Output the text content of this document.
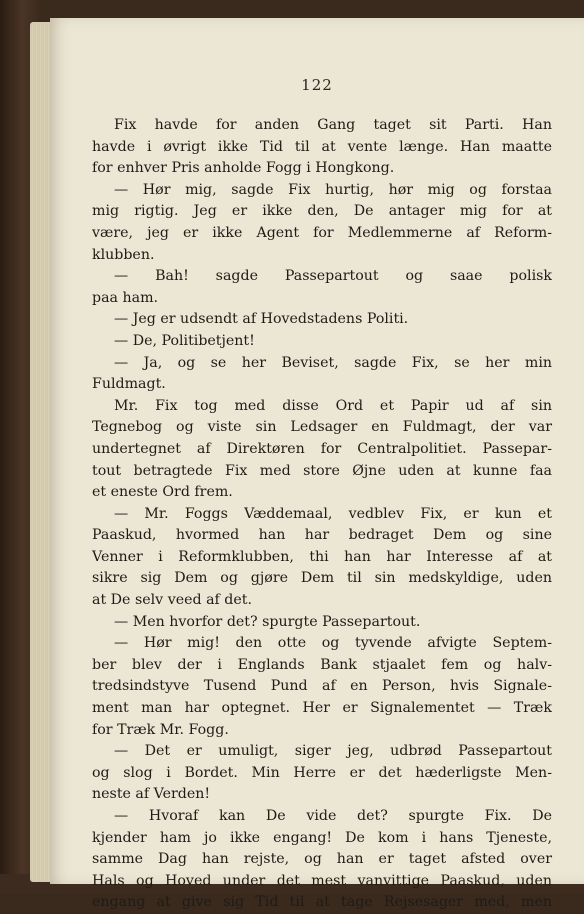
122
Fix havde for anden Gang taget sit Parti. Han
havde i øvrigt ikke Tid til at vente længe. Han maatte
for enhver Pris anholde Fogg i Hongkong.
— Hør mig, sagde Fix hurtig, hør mig og forstaa
mig rigtig. Jeg er ikke den, De antager mig for at
være, jeg er ikke Agent for Medlemmerne af Reform-
klubben.
— Bah! sagde Passepartout og saae polisk
paa ham.
— Jeg er udsendt af Hovedstadens Politi.
— De, Politibetjent!
— Ja, og se her Beviset, sagde Fix, se her min
Fuldmagt.
Mr. Fix tog med disse Ord et Papir ud af sin
Tegnebog og viste sin Ledsager en Fuldmagt, der var
undertegnet af Direktøren for Centralpolitiet. Passepar-
tout betragtede Fix med store Øjne uden at kunne faa
et eneste Ord frem.
— Mr. Foggs Væddemaal, vedblev Fix, er kun et
Paaskud, hvormed han har bedraget Dem og sine
Venner i Reformklubben, thi han har Interesse af at
sikre sig Dem og gjøre Dem til sin medskyldige, uden
at De selv veed af det.
— Men hvorfor det? spurgte Passepartout.
— Hør mig! den otte og tyvende afvigte Septem-
ber blev der i Englands Bank stjaalet fem og halv-
tredsindstyve Tusend Pund af en Person, hvis Signale-
ment man har optegnet. Her er Signalementet — Træk
for Træk Mr. Fogg.
— Det er umuligt, siger jeg, udbrød Passepartout
og slog i Bordet. Min Herre er det hæderligste Men-
neste af Verden!
— Hvoraf kan De vide det? spurgte Fix. De
kjender ham jo ikke engang! De kom i hans Tjeneste,
samme Dag han rejste, og han er taget afsted over
Hals og Hoved under det mest vanvittige Paaskud, uden
engang at give sig Tid til at tage Rejsesager med, men
